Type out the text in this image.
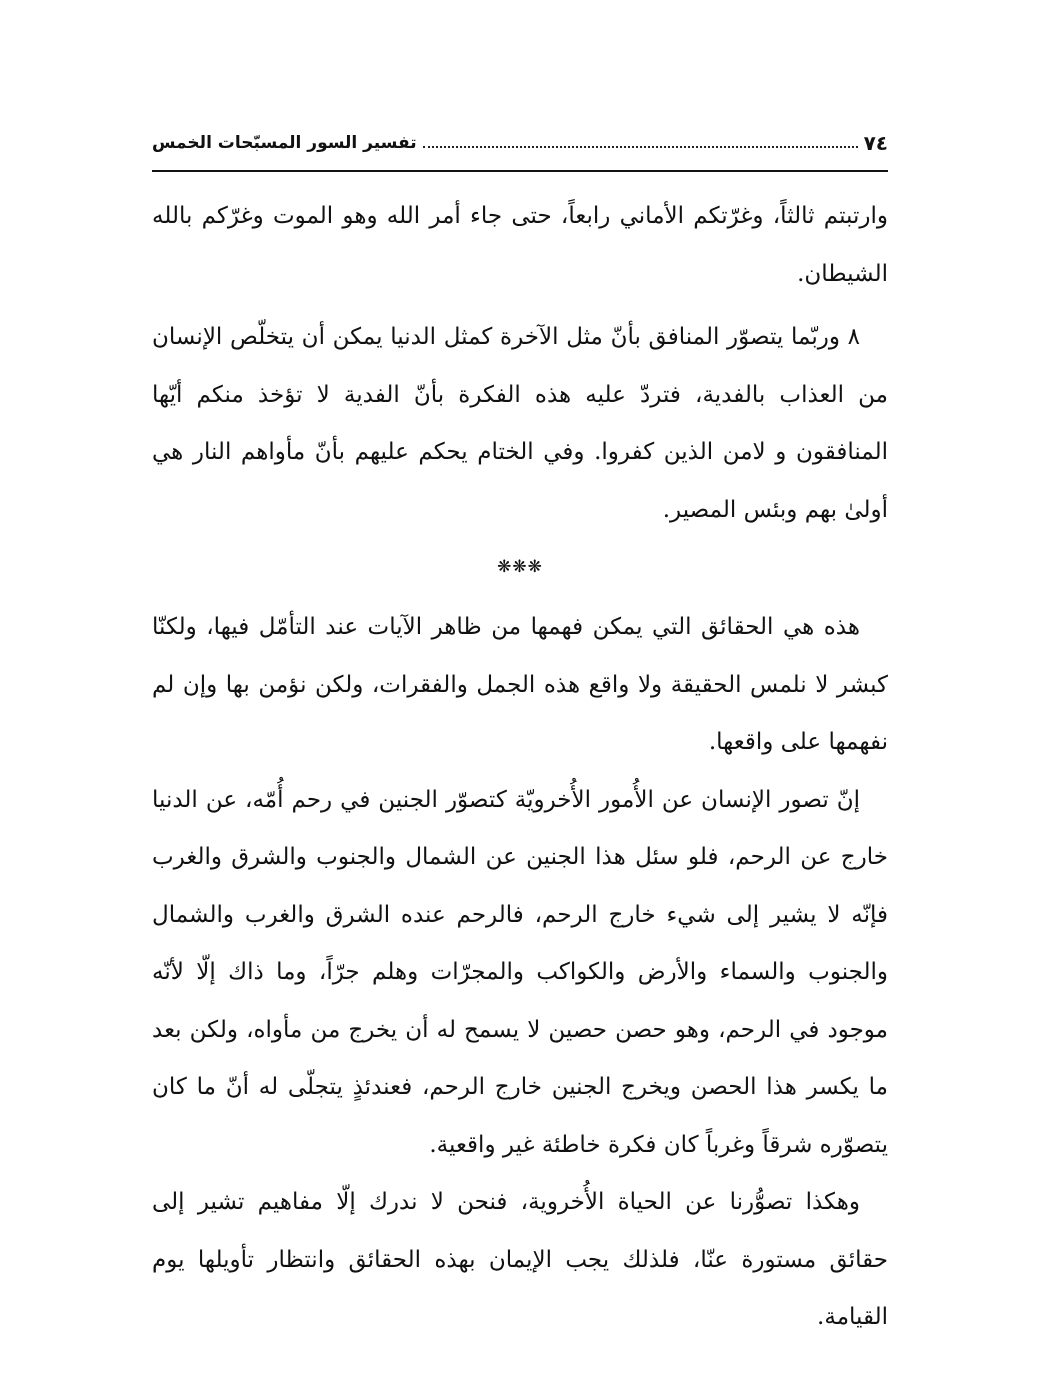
٧٤
تفسير السور المسبّحات الخمس

وارتبتم ثالثاً، وغرّتكم الأماني رابعاً، حتى جاء أمر الله وهو الموت وغرّكم بالله الشيطان.

٨ وربّما يتصوّر المنافق بأنّ مثل الآخرة كمثل الدنيا يمكن أن يتخلّص الإنسان من العذاب بالفدية، فتردّ عليه هذه الفكرة بأنّ الفدية لا تؤخذ منكم أيّها المنافقون و لامن الذين كفروا. وفي الختام يحكم عليهم بأنّ مأواهم النار هي أولىٰ بهم وبئس المصير.

❋❋❋

هذه هي الحقائق التي يمكن فهمها من ظاهر الآيات عند التأمّل فيها، ولكنّا كبشر لا نلمس الحقيقة ولا واقع هذه الجمل والفقرات، ولكن نؤمن بها وإن لم نفهمها على واقعها.

إنّ تصور الإنسان عن الأُمور الأُخرويّة كتصوّر الجنين في رحم أُمّه، عن الدنيا خارج عن الرحم، فلو سئل هذا الجنين عن الشمال والجنوب والشرق والغرب فإنّه لا يشير إلى شيء خارج الرحم، فالرحم عنده الشرق والغرب والشمال والجنوب والسماء والأرض والكواكب والمجرّات وهلم جرّاً، وما ذاك إلّا لأنّه موجود في الرحم، وهو حصن حصين لا يسمح له أن يخرج من مأواه، ولكن بعد ما يكسر هذا الحصن ويخرج الجنين خارج الرحم، فعندئذٍ يتجلّى له أنّ ما كان يتصوّره شرقاً وغرباً كان فكرة خاطئة غير واقعية.

وهكذا تصوُّرنا عن الحياة الأُخروية، فنحن لا ندرك إلّا مفاهيم تشير إلى حقائق مستورة عنّا، فلذلك يجب الإيمان بهذه الحقائق وانتظار تأويلها يوم القيامة.
